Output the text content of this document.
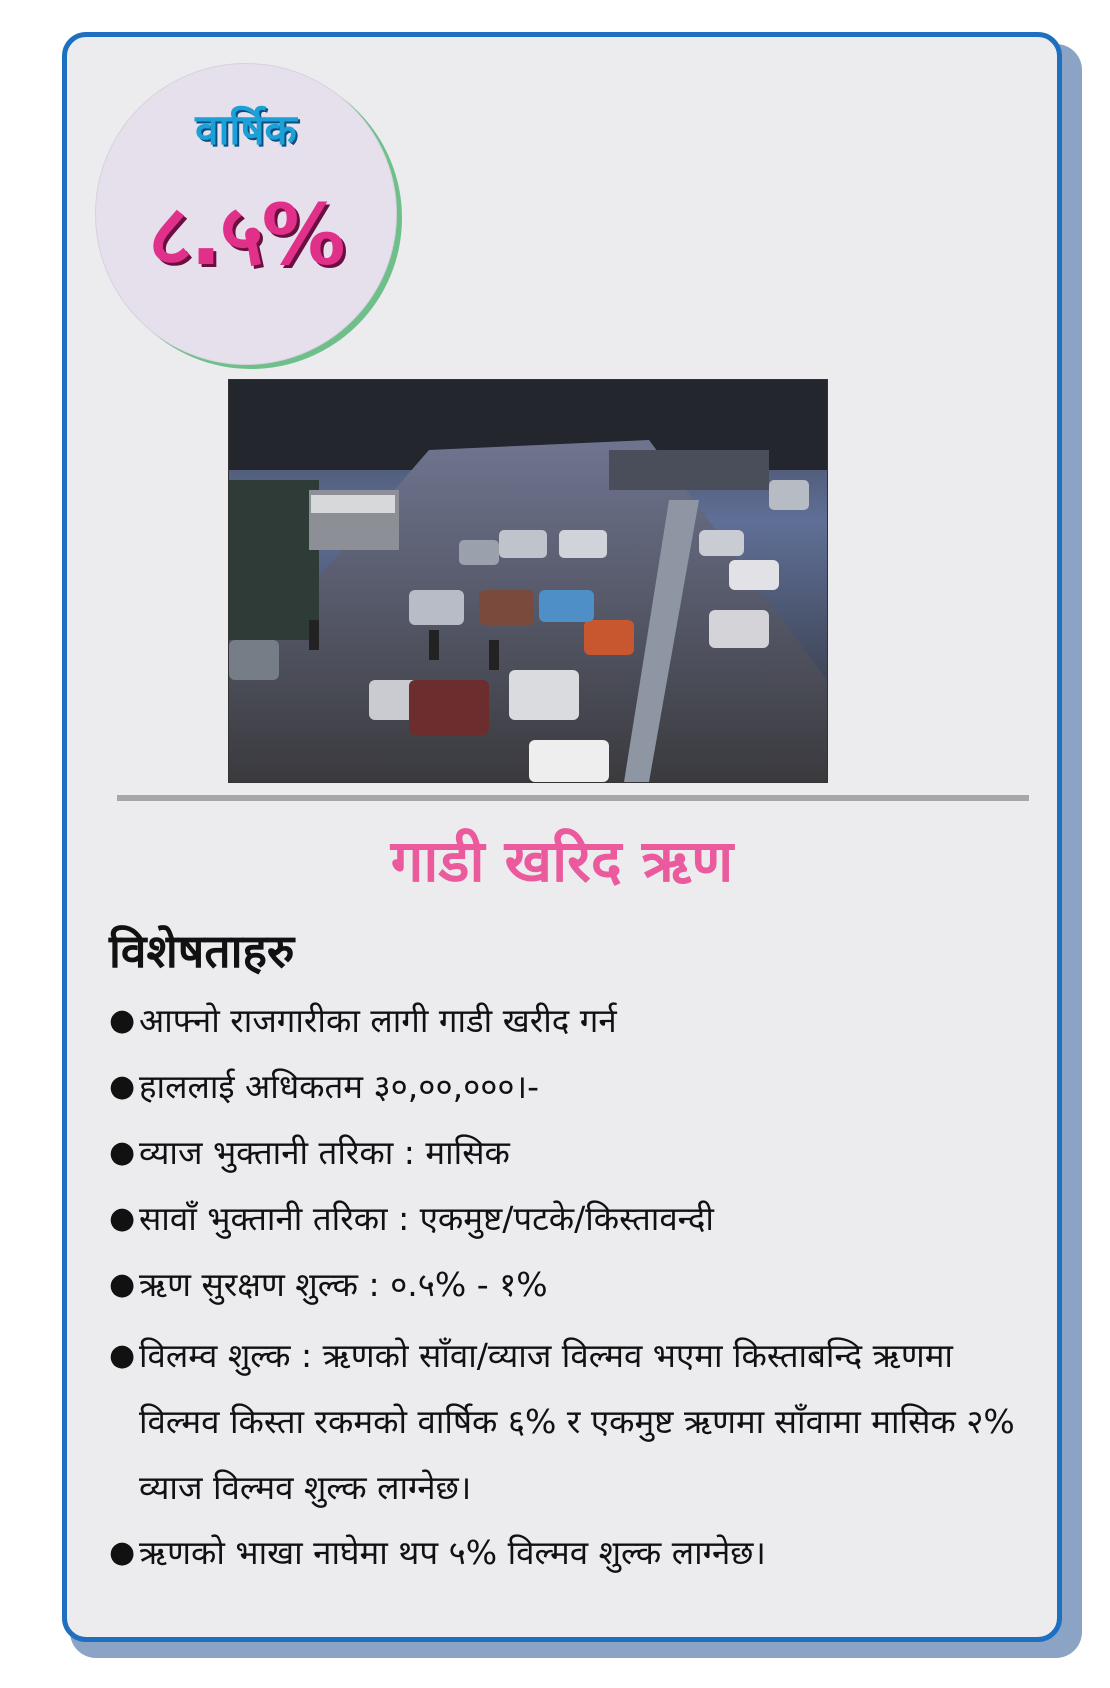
वार्षिक
८.५%
गाडी खरिद ऋण
विशेषताहरु
● आफ्नो राजगारीका लागी गाडी खरीद गर्न
● हाललाई अधिकतम ३०,००,०००।-
● व्याज भुक्तानी तरिका : मासिक
● सावाँ भुक्तानी तरिका : एकमुष्ट/पटके/किस्तावन्दी
● ऋण सुरक्षण शुल्क : ०.५% - १%
● विलम्व शुल्क : ऋणको साँवा/व्याज विल्मव भएमा किस्ताबन्दि ऋणमा विल्मव किस्ता रकमको वार्षिक ६% र एकमुष्ट ऋणमा साँवामा मासिक २% व्याज विल्मव शुल्क लाग्नेछ।
● ऋणको भाखा नाघेमा थप ५% विल्मव शुल्क लाग्नेछ।
